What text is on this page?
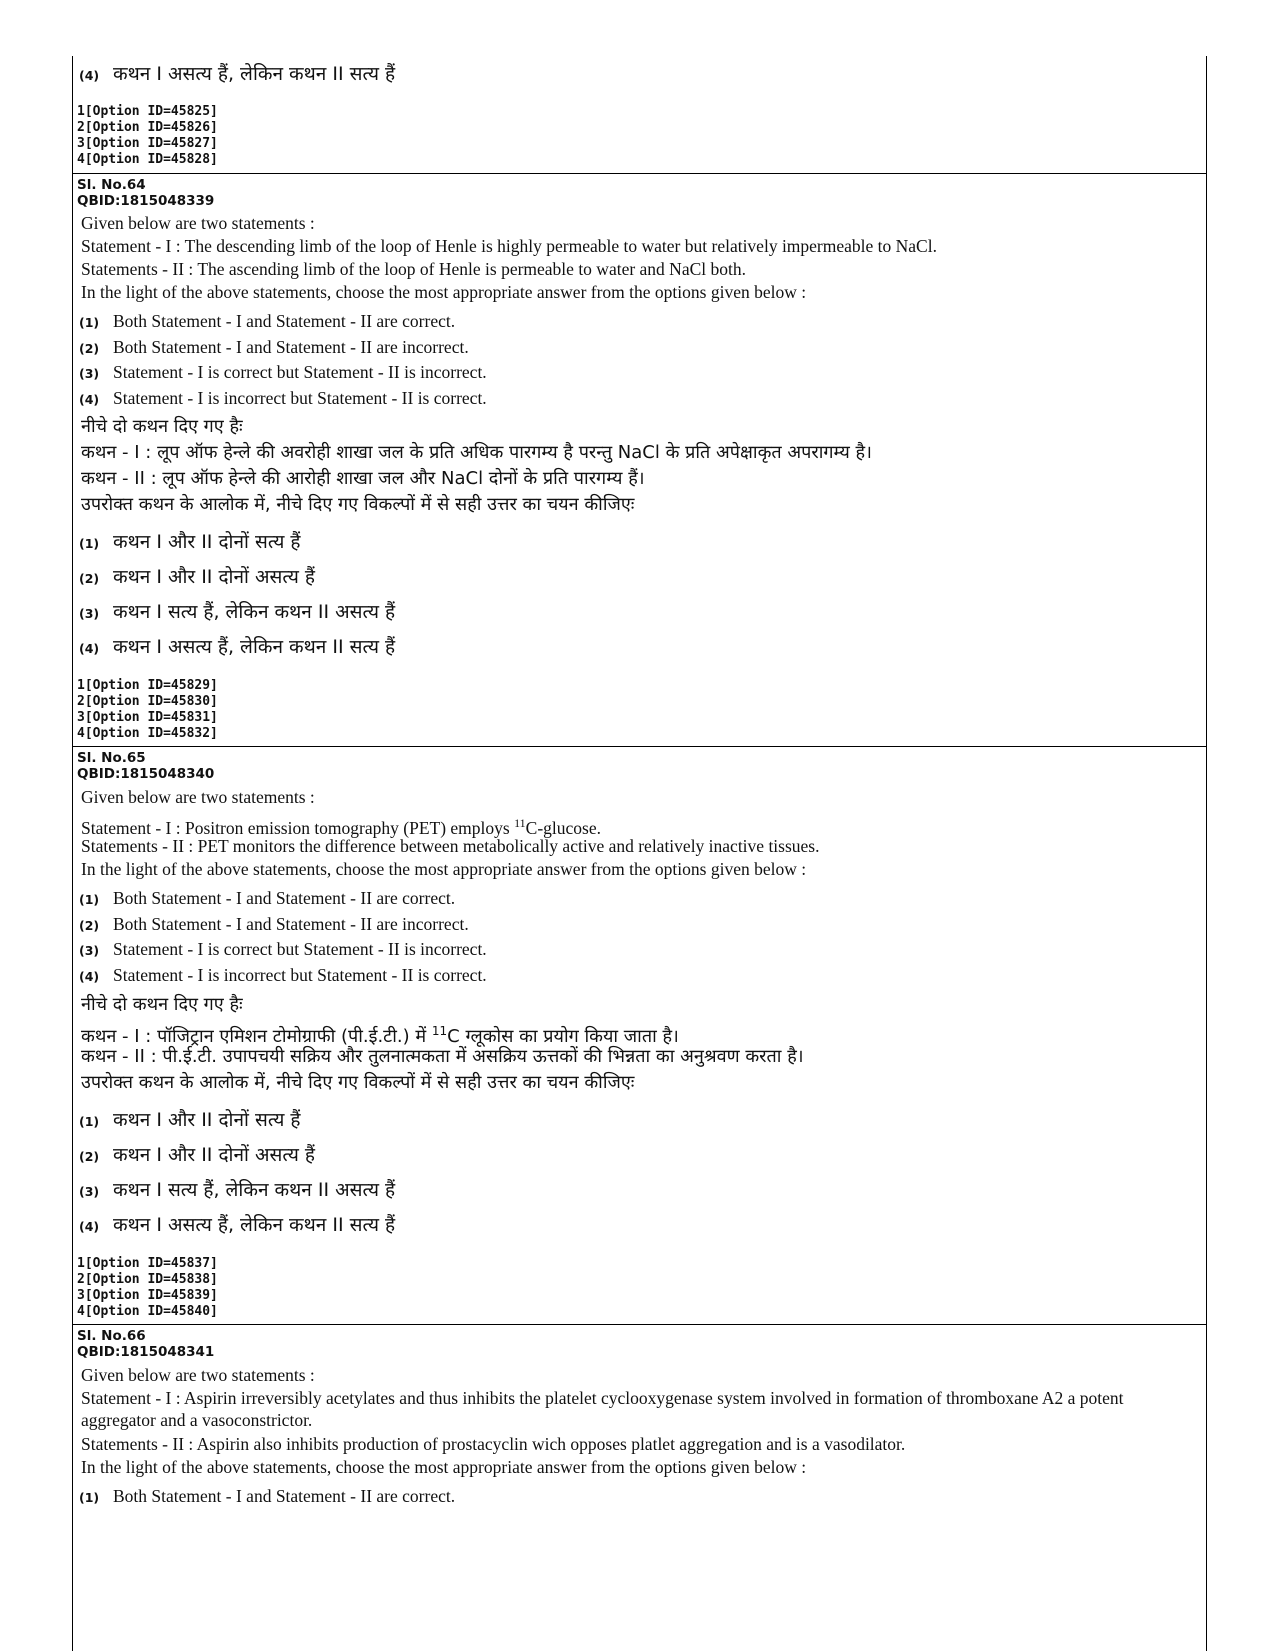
(4) कथन I असत्य हैं, लेकिन कथन II सत्य हैं
1[Option ID=45825]
2[Option ID=45826]
3[Option ID=45827]
4[Option ID=45828]
Sl. No.64
QBID:1815048339
Given below are two statements :
Statement - I : The descending limb of the loop of Henle is highly permeable to water but relatively impermeable to NaCl.
Statements - II : The ascending limb of the loop of Henle is permeable to water and NaCl both.
In the light of the above statements, choose the most appropriate answer from the options given below :
(1) Both Statement - I and Statement - II are correct.
(2) Both Statement - I and Statement - II are incorrect.
(3) Statement - I is correct but Statement - II is incorrect.
(4) Statement - I is incorrect but Statement - II is correct.
नीचे दो कथन दिए गए हैः
कथन - I : लूप ऑफ हेन्ले की अवरोही शाखा जल के प्रति अधिक पारगम्य है परन्तु NaCl के प्रति अपेक्षाकृत अपरागम्य है।
कथन - II : लूप ऑफ हेन्ले की आरोही शाखा जल और NaCl दोनों के प्रति पारगम्य हैं।
उपरोक्त कथन के आलोक में, नीचे दिए गए विकल्पों में से सही उत्तर का चयन कीजिएः
(1) कथन I और II दोनों सत्य हैं
(2) कथन I और II दोनों असत्य हैं
(3) कथन I सत्य हैं, लेकिन कथन II असत्य हैं
(4) कथन I असत्य हैं, लेकिन कथन II सत्य हैं
1[Option ID=45829]
2[Option ID=45830]
3[Option ID=45831]
4[Option ID=45832]
Sl. No.65
QBID:1815048340
Given below are two statements :
Statement - I : Positron emission tomography (PET) employs $^{11}$C-glucose.
Statements - II : PET monitors the difference between metabolically active and relatively inactive tissues.
In the light of the above statements, choose the most appropriate answer from the options given below :
(1) Both Statement - I and Statement - II are correct.
(2) Both Statement - I and Statement - II are incorrect.
(3) Statement - I is correct but Statement - II is incorrect.
(4) Statement - I is incorrect but Statement - II is correct.
नीचे दो कथन दिए गए हैः
कथन - I : पॉजिट्रान एमिशन टोमोग्राफी (पी.ई.टी.) में $^{11}$C ग्लूकोस का प्रयोग किया जाता है।
कथन - II : पी.ई.टी. उपापचयी सक्रिय और तुलनात्मकता में असक्रिय ऊत्तकों की भिन्नता का अनुश्रवण करता है।
उपरोक्त कथन के आलोक में, नीचे दिए गए विकल्पों में से सही उत्तर का चयन कीजिएः
(1) कथन I और II दोनों सत्य हैं
(2) कथन I और II दोनों असत्य हैं
(3) कथन I सत्य हैं, लेकिन कथन II असत्य हैं
(4) कथन I असत्य हैं, लेकिन कथन II सत्य हैं
1[Option ID=45837]
2[Option ID=45838]
3[Option ID=45839]
4[Option ID=45840]
Sl. No.66
QBID:1815048341
Given below are two statements :
Statement - I : Aspirin irreversibly acetylates and thus inhibits the platelet cyclooxygenase system involved in formation of thromboxane A2 a potent aggregator and a vasoconstrictor.
Statements - II : Aspirin also inhibits production of prostacyclin wich opposes platlet aggregation and is a vasodilator.
In the light of the above statements, choose the most appropriate answer from the options given below :
(1) Both Statement - I and Statement - II are correct.
